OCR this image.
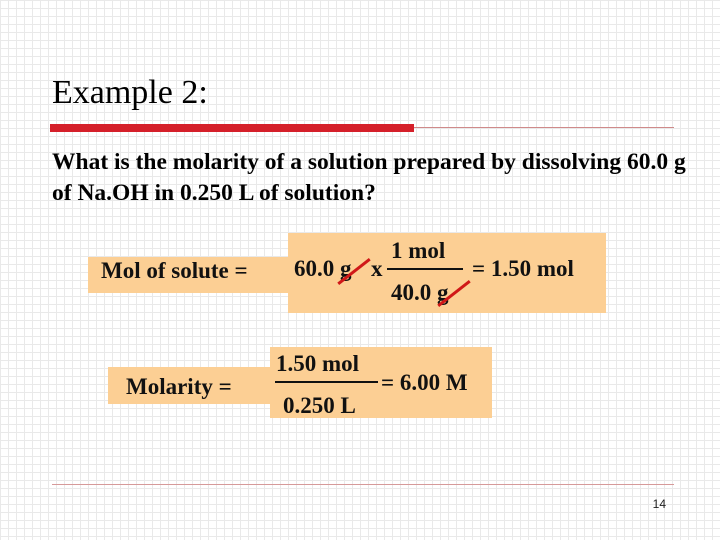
Example 2:
What is the molarity of a solution prepared by dissolving 60.0 g of Na.OH in 0.250 L of solution?
Mol of solute = 60.0 g x
1 mol
40.0 g
= 1.50 mol
Molarity =
1.50 mol
0.250 L
= 6.00 M
14
